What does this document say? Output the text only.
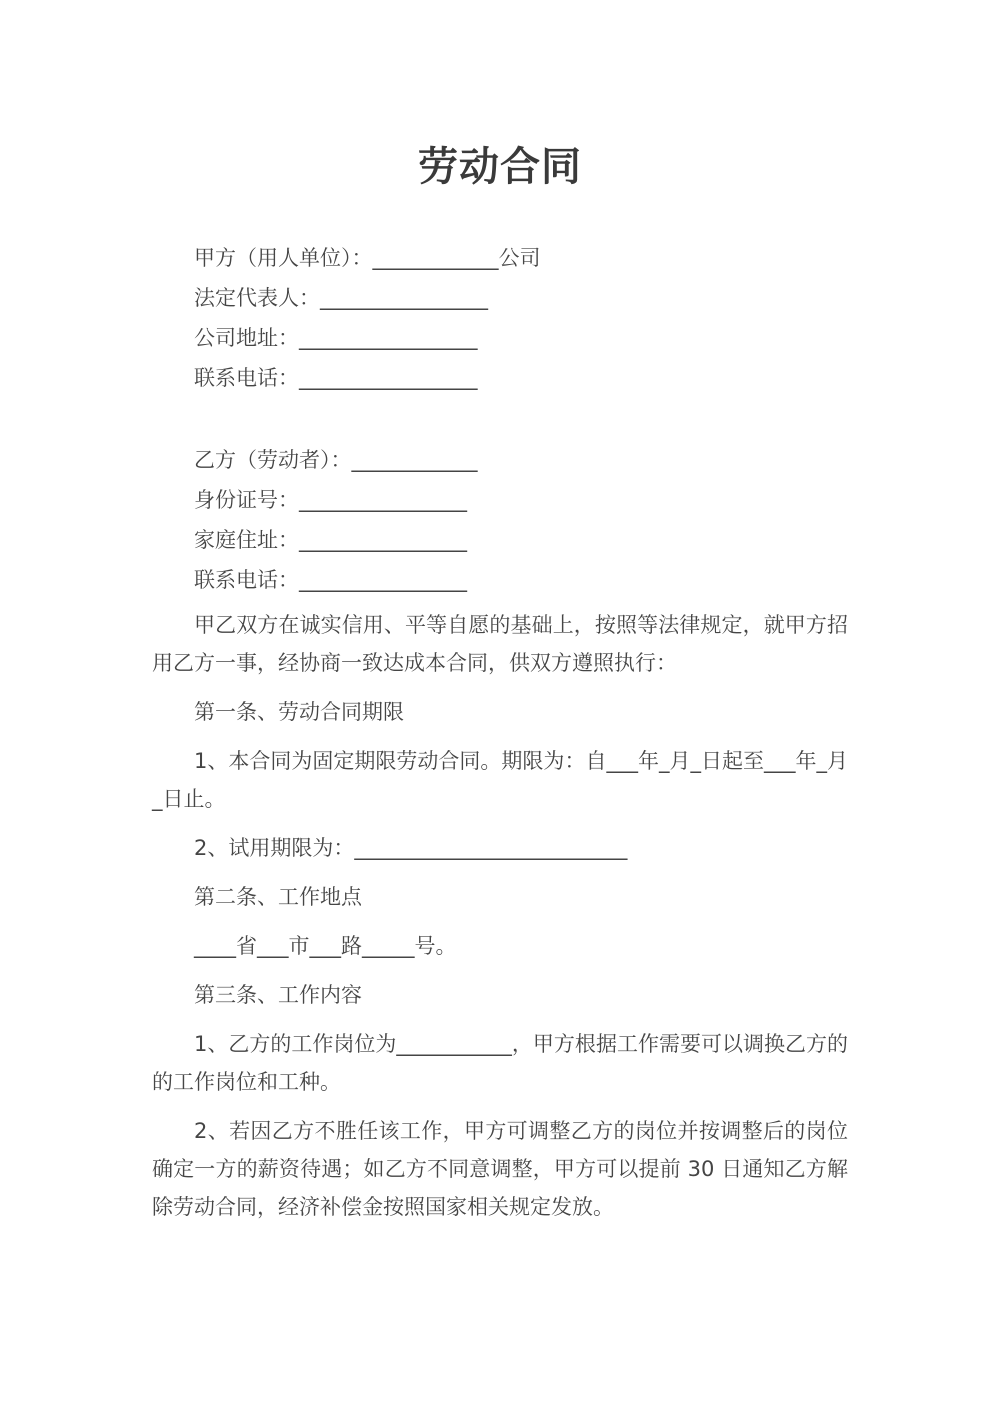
劳动合同

甲方（用人单位）：____________公司

法定代表人：________________

公司地址：_________________

联系电话：_________________

乙方（劳动者）：____________

身份证号：________________

家庭住址：________________

联系电话：________________

甲乙双方在诚实信用、平等自愿的基础上，按照等法律规定，就甲方招用乙方一事，经协商一致达成本合同，供双方遵照执行：

第一条、劳动合同期限

1、本合同为固定期限劳动合同。期限为：自___年_月_日起至___年_月_日止。

2、试用期限为：__________________________

第二条、工作地点

____省___市___路_____号。

第三条、工作内容

1、乙方的工作岗位为___________，甲方根据工作需要可以调换乙方的的工作岗位和工种。

2、若因乙方不胜任该工作，甲方可调整乙方的岗位并按调整后的岗位确定一方的薪资待遇；如乙方不同意调整，甲方可以提前 30 日通知乙方解除劳动合同，经济补偿金按照国家相关规定发放。
